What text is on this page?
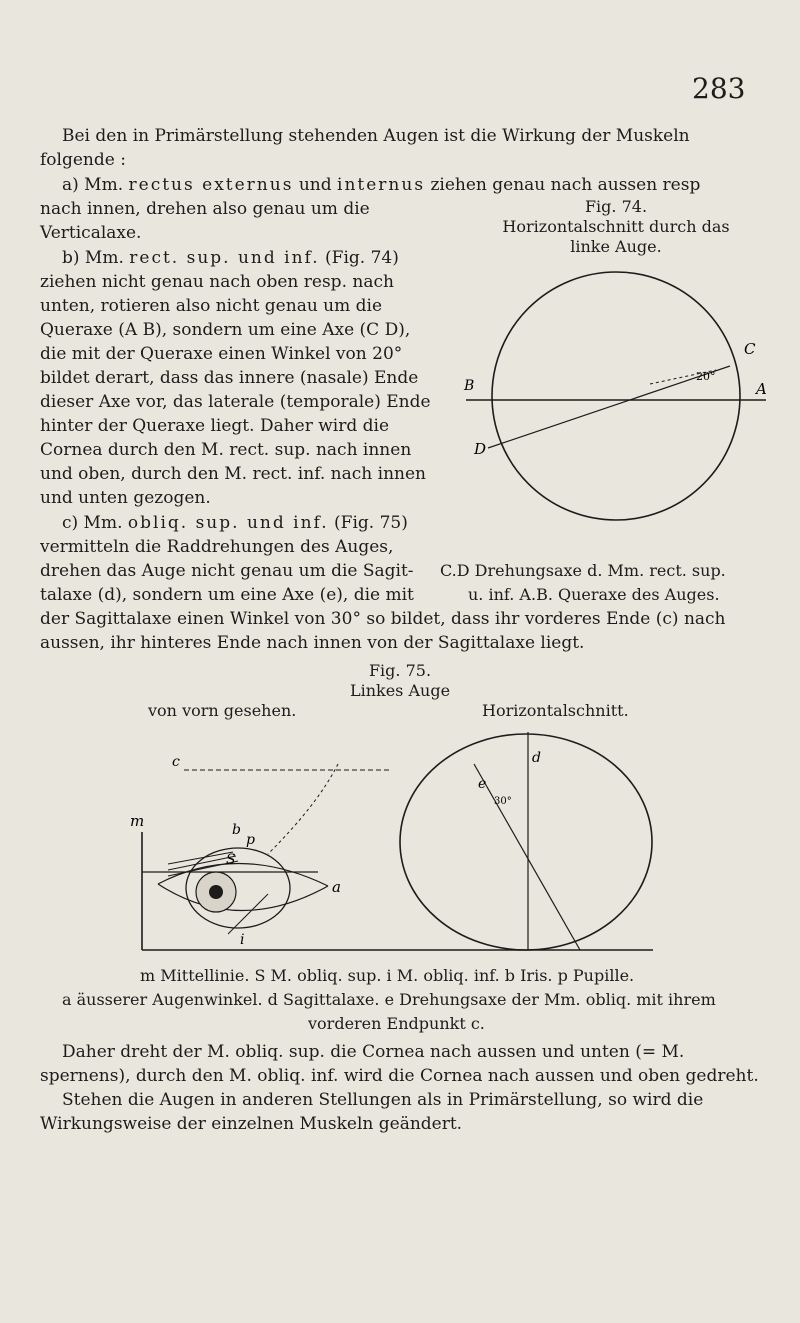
283
Bei den in Primärstellung stehenden Augen ist die Wirkung der Muskeln
folgende :
a) Mm. rectus externus und internus ziehen genau nach aussen resp
nach innen, drehen also genau um die
Verticalaxe.
b) Mm. rect. sup. und inf. (Fig. 74)
ziehen nicht genau nach oben resp. nach
unten, rotieren also nicht genau um die
Queraxe (A B), sondern um eine Axe (C D),
die mit der Queraxe einen Winkel von 20°
bildet derart, dass das innere (nasale) Ende
dieser Axe vor, das laterale (temporale) Ende
hinter der Queraxe liegt. Daher wird die
Cornea durch den M. rect. sup. nach innen
und oben, durch den M. rect. inf. nach innen
und unten gezogen.
c) Mm. obliq. sup. und inf. (Fig. 75)
vermitteln die Raddrehungen des Auges,
drehen das Auge nicht genau um die Sagit-
talaxe (d), sondern um eine Axe (e), die mit
der Sagittalaxe einen Winkel von 30° so bildet, dass ihr vorderes Ende (c) nach
aussen, ihr hinteres Ende nach innen von der Sagittalaxe liegt.
Fig. 74.
Horizontalschnitt durch das
linke Auge.
B	A
C
D
20°
C.D Drehungsaxe d. Mm. rect. sup.
u. inf. A.B. Queraxe des Auges.
Fig. 75.
Linkes Auge
von vorn gesehen.	Horizontalschnitt.
m	b
p
S
i
a
c	d
e
30°
m Mittellinie. S M. obliq. sup. i M. obliq. inf. b Iris. p Pupille.
a äusserer Augenwinkel. d Sagittalaxe. e Drehungsaxe der Mm. obliq. mit ihrem
vorderen Endpunkt c.
Daher dreht der M. obliq. sup. die Cornea nach aussen und unten (= M.
spernens), durch den M. obliq. inf. wird die Cornea nach aussen und oben gedreht.
Stehen die Augen in anderen Stellungen als in Primärstellung, so wird die
Wirkungsweise der einzelnen Muskeln geändert.
